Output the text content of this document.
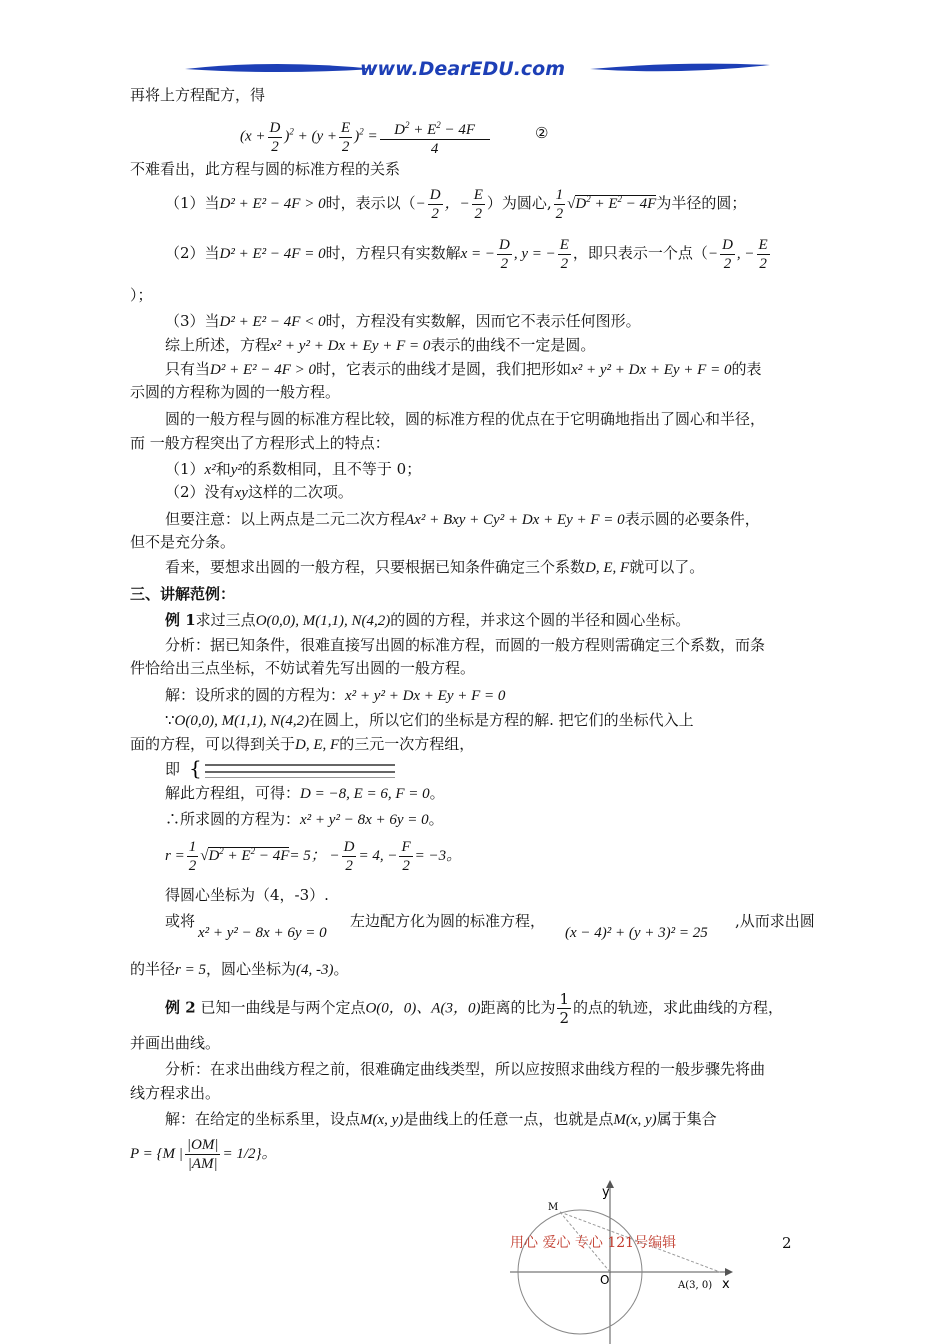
www.DearEDU.com
再将上方程配方，得
$(x + \frac{D}{2} )^2 + (y + \frac{E}{2} )^2 = \frac{D^2 + E^2 - 4F}{4}$	②
不难看出，此方程与圆的标准方程的关系
（1）当D² + E² − 4F > 0时，表示以（− $\frac{D}{2}$ ，− $\frac{E}{2}$ ）为圆心, $\frac{1}{2} √D^2 + E^2 - 4F$为半径的圆；
（2）当D² + E² − 4F = 0时，方程只有实数解x = − $\frac{D}{2}$ , y = − $\frac{E}{2}$ ，即只表示一个点（− $\frac{D}{2}$ , − $\frac{E}{2}$
）；
（3）当D² + E² − 4F < 0时，方程没有实数解，因而它不表示任何图形。
综上所述，方程x² + y² + Dx + Ey + F = 0表示的曲线不一定是圆。
只有当D² + E² − 4F > 0时，它表示的曲线才是圆，我们把形如x² + y² + Dx + Ey + F = 0的表
示圆的方程称为圆的一般方程。
圆的一般方程与圆的标准方程比较，圆的标准方程的优点在于它明确地指出了圆心和半径，
而 一般方程突出了方程形式上的特点：
（1）x²和y²的系数相同，且不等于 0；
（2）没有xy这样的二次项。
但要注意：以上两点是二元二次方程Ax² + Bxy + Cy² + Dx + Ey + F = 0表示圆的必要条件，
但不是充分条。
看来，要想求出圆的一般方程，只要根据已知条件确定三个系数D, E, F就可以了。
三、讲解范例：
例 1求过三点O(0,0), M(1,1), N(4,2)的圆的方程，并求这个圆的半径和圆心坐标。
分析：据已知条件，很难直接写出圆的标准方程，而圆的一般方程则需确定三个系数，而条
件恰给出三点坐标，不妨试着先写出圆的一般方程。
解：设所求的圆的方程为：x² + y² + Dx + Ey + F = 0
∵O(0,0), M(1,1), N(4,2)在圆上，所以它们的坐标是方程的解. 把它们的坐标代入上
面的方程，可以得到关于D, E, F的三元一次方程组，
即 {
解此方程组，可得：D = −8, E = 6, F = 0。
∴所求圆的方程为：x² + y² − 8x + 6y = 0。
$r = \frac{1}{2} √D^2 + E^2 - 4F= 5$； − $\frac{D}{2} = 4$, − $\frac{F}{2} = -3$。
得圆心坐标为（4，-3）.
或将
x² + y² − 8x + 6y = 0
左边配方化为圆的标准方程，
(x − 4)² + (y + 3)² = 25
,从而求出圆
的半径r = 5，圆心坐标为(4, -3)。
例 2 已知一曲线是与两个定点O(0，0)、A(3，0)距离的比为 $\frac{1}{2}$ 的点的轨迹，求此曲线的方程，
并画出曲线。
分析：在求出曲线方程之前，很难确定曲线类型，所以应按照求曲线方程的一般步骤先将曲
线方程求出。
解：在给定的坐标系里，设点M(x, y)是曲线上的任意一点，也就是点M(x, y)属于集合
P = {M | $\frac{|OM|}{|AM|} = 1/2$}。
y
x
O
M
A(3, 0)
用心 爱心 专心 121号编辑	2
